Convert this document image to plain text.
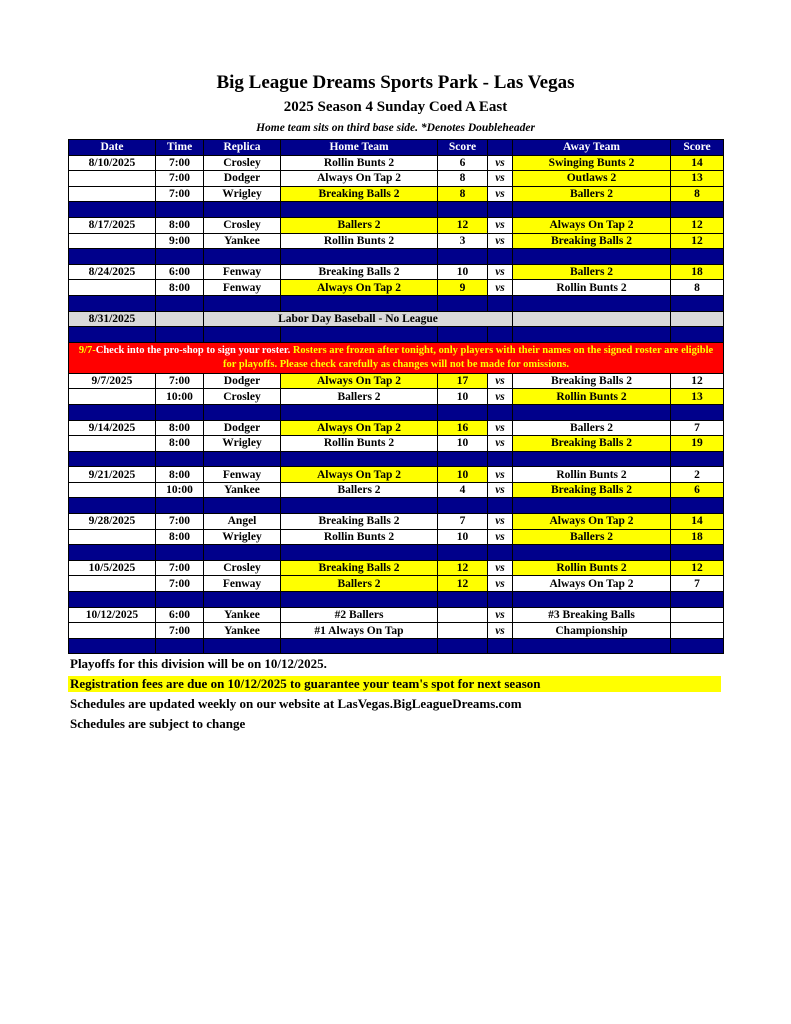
Big League Dreams Sports Park - Las Vegas
2025 Season 4 Sunday Coed A East
Home team sits on third base side. *Denotes Doubleheader
Date	Time	Replica	Home Team	Score		Away Team	Score
8/10/2025	7:00	Crosley	Rollin Bunts 2	6	vs	Swinging Bunts 2	14
	7:00	Dodger	Always On Tap 2	8	vs	Outlaws 2	13
	7:00	Wrigley	Breaking Balls 2	8	vs	Ballers 2	8

8/17/2025	8:00	Crosley	Ballers 2	12	vs	Always On Tap 2	12
	9:00	Yankee	Rollin Bunts 2	3	vs	Breaking Balls 2	12

8/24/2025	6:00	Fenway	Breaking Balls 2	10	vs	Ballers 2	18
	8:00	Fenway	Always On Tap 2	9	vs	Rollin Bunts 2	8

8/31/2025		Labor Day Baseball - No League					

9/7-Check into the pro-shop to sign your roster. Rosters are frozen after tonight, only players with their names on the signed roster are eligible for playoffs. Please check carefully as changes will not be made for omissions.							
9/7/2025	7:00	Dodger	Always On Tap 2	17	vs	Breaking Balls 2	12
	10:00	Crosley	Ballers 2	10	vs	Rollin Bunts 2	13

9/14/2025	8:00	Dodger	Always On Tap 2	16	vs	Ballers 2	7
	8:00	Wrigley	Rollin Bunts 2	10	vs	Breaking Balls 2	19

9/21/2025	8:00	Fenway	Always On Tap 2	10	vs	Rollin Bunts 2	2
	10:00	Yankee	Ballers 2	4	vs	Breaking Balls 2	6

9/28/2025	7:00	Angel	Breaking Balls 2	7	vs	Always On Tap 2	14
	8:00	Wrigley	Rollin Bunts 2	10	vs	Ballers 2	18

10/5/2025	7:00	Crosley	Breaking Balls 2	12	vs	Rollin Bunts 2	12
	7:00	Fenway	Ballers 2	12	vs	Always On Tap 2	7

10/12/2025	6:00	Yankee	#2 Ballers		vs	#3 Breaking Balls	
	7:00	Yankee	#1 Always On Tap		vs	Championship	

Playoffs for this division will be on 10/12/2025.
Registration fees are due on 10/12/2025 to guarantee your team's spot for next season
Schedules are updated weekly on our website at LasVegas.BigLeagueDreams.com
Schedules are subject to change
